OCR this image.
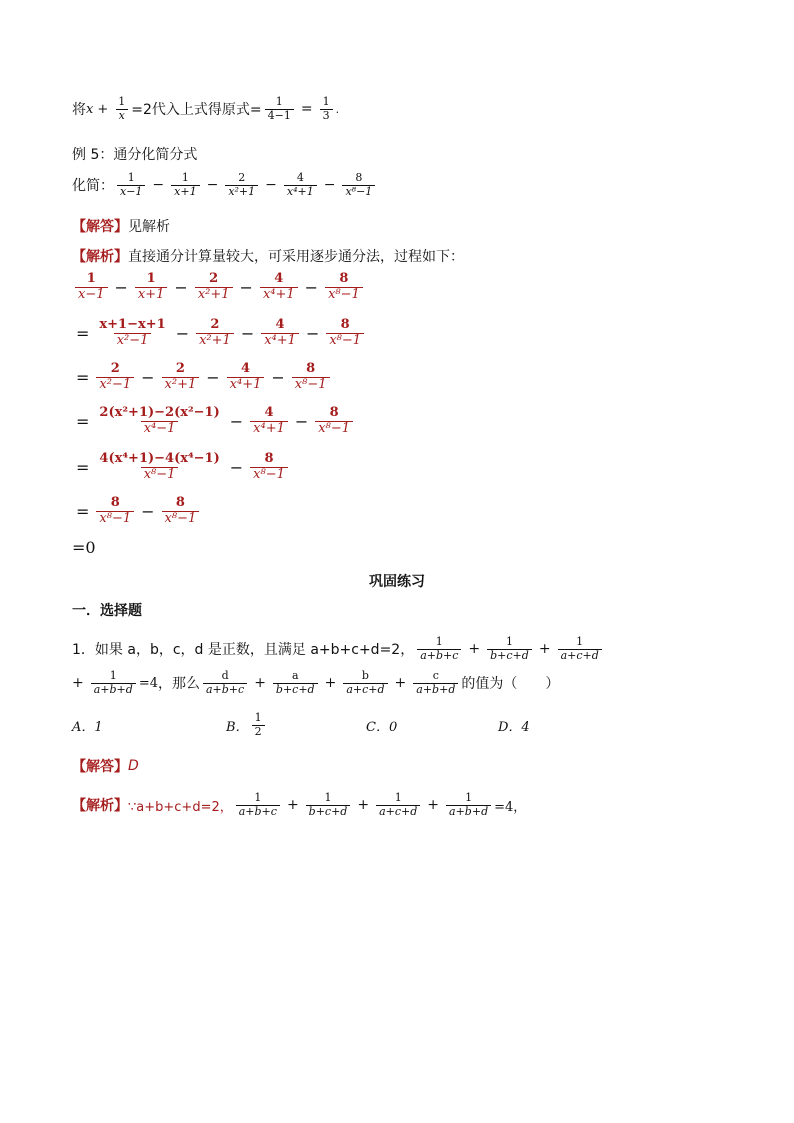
将 $x + \frac{1}{x} =2$代入上式得原式= $\frac{1}{4-1} = \frac{1}{3}$ .
例 5：通分化简分式
化简： $\frac{1}{x-1} - \frac{1}{x+1} - \frac{2}{\text{x²+1}} - \frac{4}{\text{x⁴+1}} - \frac{8}{\text{x⁸−1}}$
【解答】 见解析
【解析】 直接通分计算量较大，可采用逐步通分法，过程如下：
$\frac{1}{x-1} - \frac{1}{x+1} - \frac{2}{\text{x²+1}} - \frac{4}{\text{x⁴+1}} - \frac{8}{\text{x⁸−1}}$
= $\frac{x+1-x+1}{\text{x²−1}} - \frac{2}{\text{x²+1}} - \frac{4}{\text{x⁴+1}} - \frac{8}{\text{x⁸−1}}$
= $\frac{2}{\text{x²−1}} - \frac{2}{\text{x²+1}} - \frac{4}{\text{x⁴+1}} - \frac{8}{\text{x⁸−1}}$
= $\frac{\text{2(x²+1)−2(x²−1)}}{\text{x⁴−1}} - \frac{4}{\text{x⁴+1}} - \frac{8}{\text{x⁸−1}}$
= $\frac{\text{4(x⁴+1)−4(x⁴−1)}}{\text{x⁸−1}} - \frac{8}{\text{x⁸−1}}$
= $\frac{8}{\text{x⁸−1}} - \frac{8}{\text{x⁸−1}}$
=0
巩固练习
一．选择题
1． 如果 a，b，c，d 是正数，且满足 a+b+c+d=2， $\frac{1}{a+b+c} + \frac{1}{b+c+d} + \frac{1}{a+c+d}$
+ $\frac{1}{a+b+d} =4$ ，那么 $\frac{d}{a+b+c} + \frac{a}{b+c+d} + \frac{b}{a+c+d} + \frac{c}{a+b+d}$ 的值为（　　）
A．1	B． $\frac{1}{2}$	C．0	D．4
【解答】 D
【解析】 ∵a+b+c+d=2， $\frac{1}{a+b+c} + \frac{1}{b+c+d} + \frac{1}{a+c+d} + \frac{1}{a+b+d} =4$，
